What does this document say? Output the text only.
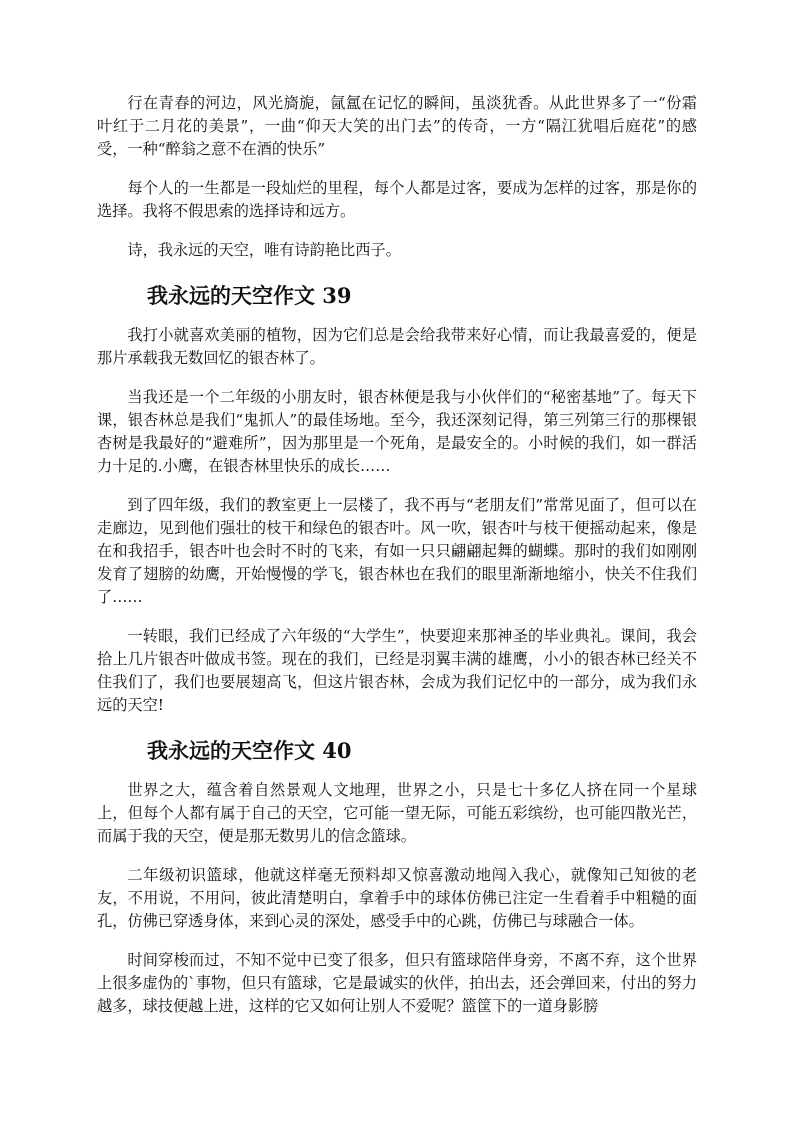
行在青春的河边，风光旖旎，氤氲在记忆的瞬间，虽淡犹香。从此世界多了一“份霜叶红于二月花的美景”，一曲“仰天大笑的出门去”的传奇，一方“隔江犹唱后庭花”的感受，一种“醉翁之意不在酒的快乐”

每个人的一生都是一段灿烂的里程，每个人都是过客，要成为怎样的过客，那是你的选择。我将不假思索的选择诗和远方。

诗，我永远的天空，唯有诗韵艳比西子。

我永远的天空作文 39

我打小就喜欢美丽的植物，因为它们总是会给我带来好心情，而让我最喜爱的，便是那片承载我无数回忆的银杏林了。

当我还是一个二年级的小朋友时，银杏林便是我与小伙伴们的“秘密基地”了。每天下课，银杏林总是我们“鬼抓人”的最佳场地。至今，我还深刻记得，第三列第三行的那棵银杏树是我最好的“避难所”，因为那里是一个死角，是最安全的。小时候的我们，如一群活力十足的.小鹰，在银杏林里快乐的成长……

到了四年级，我们的教室更上一层楼了，我不再与“老朋友们”常常见面了，但可以在走廊边，见到他们强壮的枝干和绿色的银杏叶。风一吹，银杏叶与枝干便摇动起来，像是在和我招手，银杏叶也会时不时的飞来，有如一只只翩翩起舞的蝴蝶。那时的我们如刚刚发育了翅膀的幼鹰，开始慢慢的学飞，银杏林也在我们的眼里渐渐地缩小，快关不住我们了……

一转眼，我们已经成了六年级的“大学生”，快要迎来那神圣的毕业典礼。课间，我会拾上几片银杏叶做成书签。现在的我们，已经是羽翼丰满的雄鹰，小小的银杏林已经关不住我们了，我们也要展翅高飞，但这片银杏林，会成为我们记忆中的一部分，成为我们永远的天空!

我永远的天空作文 40

世界之大，蕴含着自然景观人文地理，世界之小，只是七十多亿人挤在同一个星球上，但每个人都有属于自己的天空，它可能一望无际，可能五彩缤纷，也可能四散光芒，而属于我的天空，便是那无数男儿的信念篮球。

二年级初识篮球，他就这样毫无预料却又惊喜激动地闯入我心，就像知己知彼的老友，不用说，不用问，彼此清楚明白，拿着手中的球体仿佛已注定一生看着手中粗糙的面孔，仿佛已穿透身体，来到心灵的深处，感受手中的心跳，仿佛已与球融合一体。

时间穿梭而过，不知不觉中已变了很多，但只有篮球陪伴身旁，不离不弃，这个世界上很多虚伪的`事物，但只有篮球，它是最诚实的伙伴，拍出去，还会弹回来，付出的努力越多，球技便越上进，这样的它又如何让别人不爱呢？篮筐下的一道身影膀
